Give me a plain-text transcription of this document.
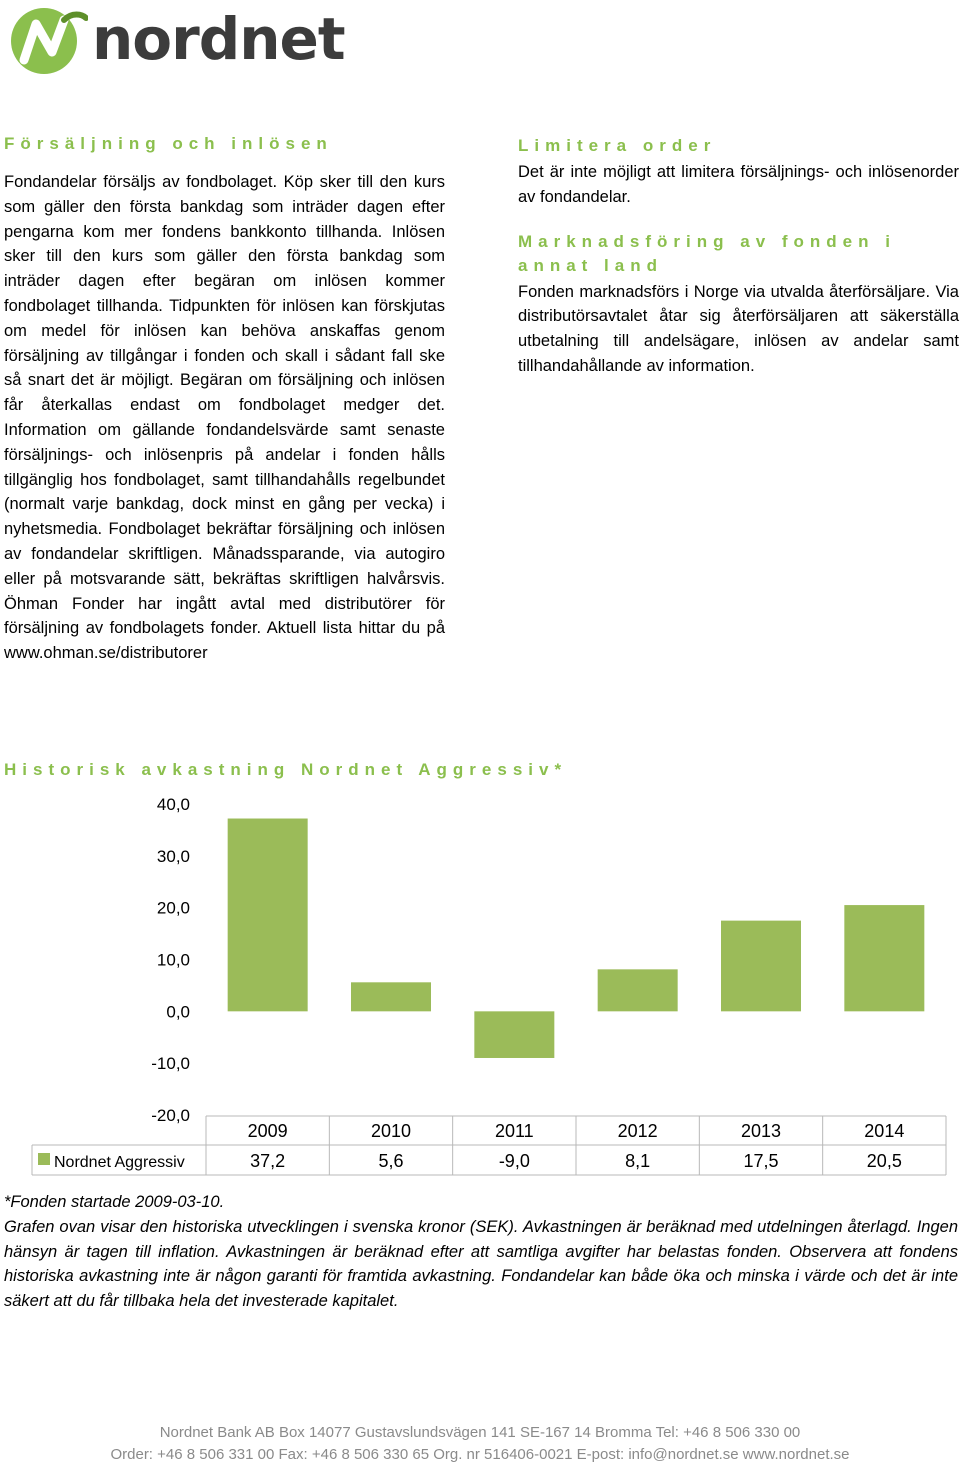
nordnet
Försäljning och inlösen

Fondandelar försäljs av fondbolaget. Köp sker till den kurs som gäller den första bankdag som inträder dagen efter pengarna kom mer fondens bankkonto tillhanda. Inlösen sker till den kurs som gäller den första bankdag som inträder dagen efter begäran om inlösen kommer fondbolaget tillhanda. Tidpunkten för inlösen kan förskjutas om medel för inlösen kan behöva anskaffas genom försäljning av tillgångar i fonden och skall i sådant fall ske så snart det är möjligt. Begäran om försäljning och inlösen får återkallas endast om fondbolaget medger det. Information om gällande fondandelsvärde samt senaste försäljnings- och inlösenpris på andelar i fonden hålls tillgänglig hos fondbolaget, samt tillhandahålls regelbundet (normalt varje bankdag, dock minst en gång per vecka) i nyhetsmedia. Fondbolaget bekräftar försäljning och inlösen av fondandelar skriftligen. Månadssparande, via autogiro eller på motsvarande sätt, bekräftas skriftligen halvårsvis. Öhman Fonder har ingått avtal med distributörer för försäljning av fondbolagets fonder. Aktuell lista hittar du på www.ohman.se/distributorer

Limitera order

Det är inte möjligt att limitera försäljnings- och inlösenorder av fondandelar.

Marknadsföring av fonden i annat land

Fonden marknadsförs i Norge via utvalda återförsäljare. Via distributörsavtalet åtar sig återförsäljaren att säkerställa utbetalning till andelsägare, inlösen av andelar samt tillhandahållande av information.

Historisk avkastning Nordnet Aggressiv*
40,0
30,0
20,0
10,0
0,0
-10,0
-20,0
2009
37,2
2010
5,6
2011
-9,0
2012
8,1
2013
17,5
2014
20,5
Nordnet Aggressiv

*Fonden startade 2009-03-10.

Grafen ovan visar den historiska utvecklingen i svenska kronor (SEK). Avkastningen är beräknad med utdelningen återlagd. Ingen hänsyn är tagen till inflation. Avkastningen är beräknad efter att samtliga avgifter har belastas fonden. Observera att fondens historiska avkastning inte är någon garanti för framtida avkastning. Fondandelar kan både öka och minska i värde och det är inte säkert att du får tillbaka hela det investerade kapitalet.

Nordnet Bank AB Box 14077 Gustavslundsvägen 141 SE-167 14 Bromma Tel: +46 8 506 330 00

Order: +46 8 506 331 00 Fax: +46 8 506 330 65 Org. nr 516406-0021 E-post: info@nordnet.se www.nordnet.se
